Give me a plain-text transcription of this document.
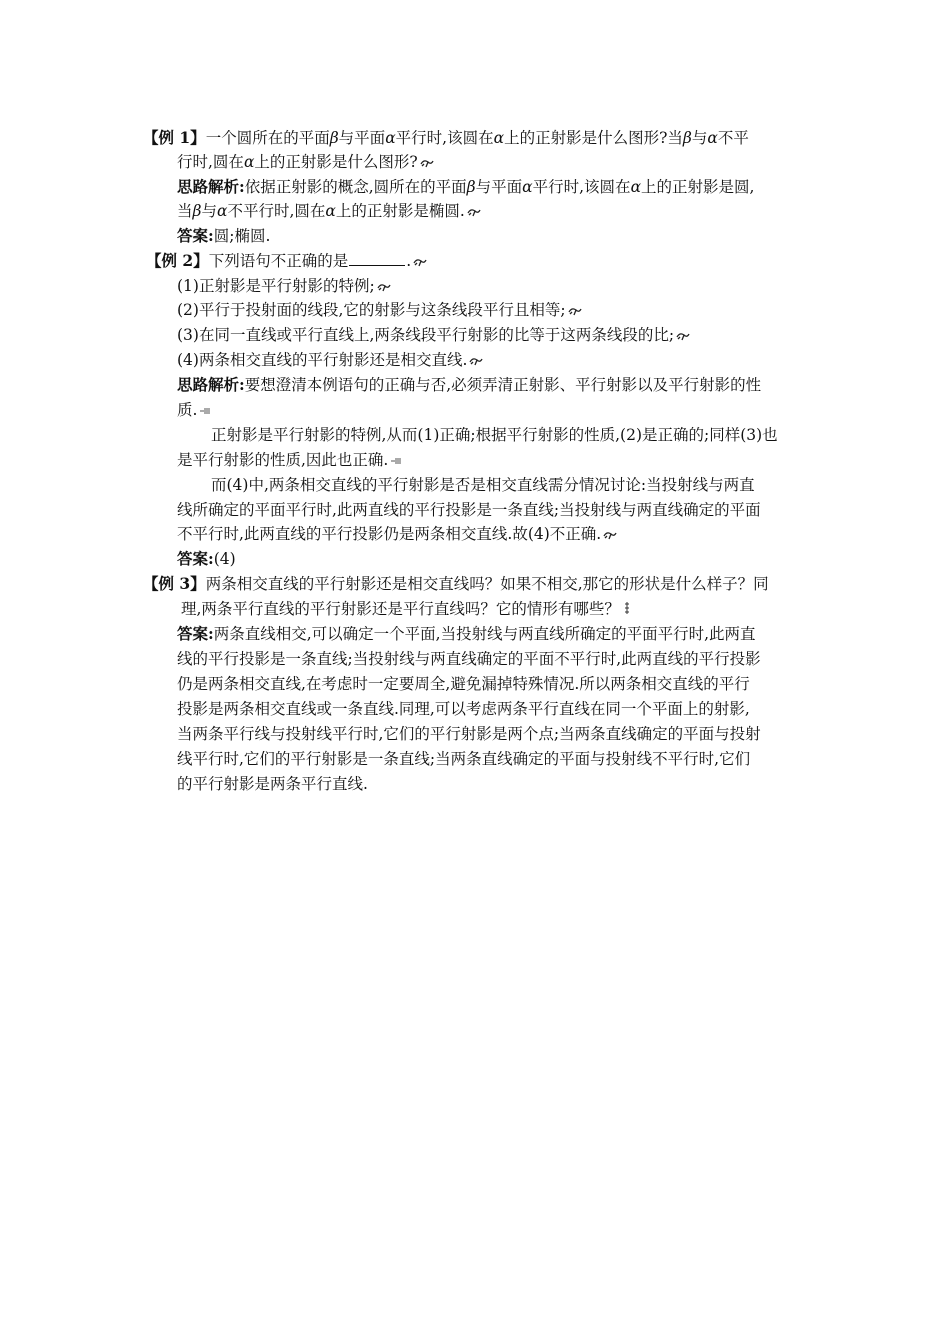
【例 1】一个圆所在的平面β与平面α平行时,该圆在α上的正射影是什么图形?当β与α不平
行时,圆在α上的正射影是什么图形?
思路解析:依据正射影的概念,圆所在的平面β与平面α平行时,该圆在α上的正射影是圆,
当β与α不平行时,圆在α上的正射影是椭圆.
答案:圆;椭圆.
【例 2】下列语句不正确的是	.
(1)正射影是平行射影的特例;
(2)平行于投射面的线段,它的射影与这条线段平行且相等;
(3)在同一直线或平行直线上,两条线段平行射影的比等于这两条线段的比;
(4)两条相交直线的平行射影还是相交直线.
思路解析:要想澄清本例语句的正确与否,必须弄清正射影、平行射影以及平行射影的性
质.
正射影是平行射影的特例,从而(1)正确;根据平行射影的性质,(2)是正确的;同样(3)也
是平行射影的性质,因此也正确.
而(4)中,两条相交直线的平行射影是否是相交直线需分情况讨论:当投射线与两直
线所确定的平面平行时,此两直线的平行投影是一条直线;当投射线与两直线确定的平面
不平行时,此两直线的平行投影仍是两条相交直线.故(4)不正确.
答案:(4)
【例 3】两条相交直线的平行射影还是相交直线吗？如果不相交,那它的形状是什么样子？同
理,两条平行直线的平行射影还是平行直线吗？它的情形有哪些？
答案:两条直线相交,可以确定一个平面,当投射线与两直线所确定的平面平行时,此两直
线的平行投影是一条直线;当投射线与两直线确定的平面不平行时,此两直线的平行投影
仍是两条相交直线,在考虑时一定要周全,避免漏掉特殊情况.所以两条相交直线的平行
投影是两条相交直线或一条直线.同理,可以考虑两条平行直线在同一个平面上的射影,
当两条平行线与投射线平行时,它们的平行射影是两个点;当两条直线确定的平面与投射
线平行时,它们的平行射影是一条直线;当两条直线确定的平面与投射线不平行时,它们
的平行射影是两条平行直线.
